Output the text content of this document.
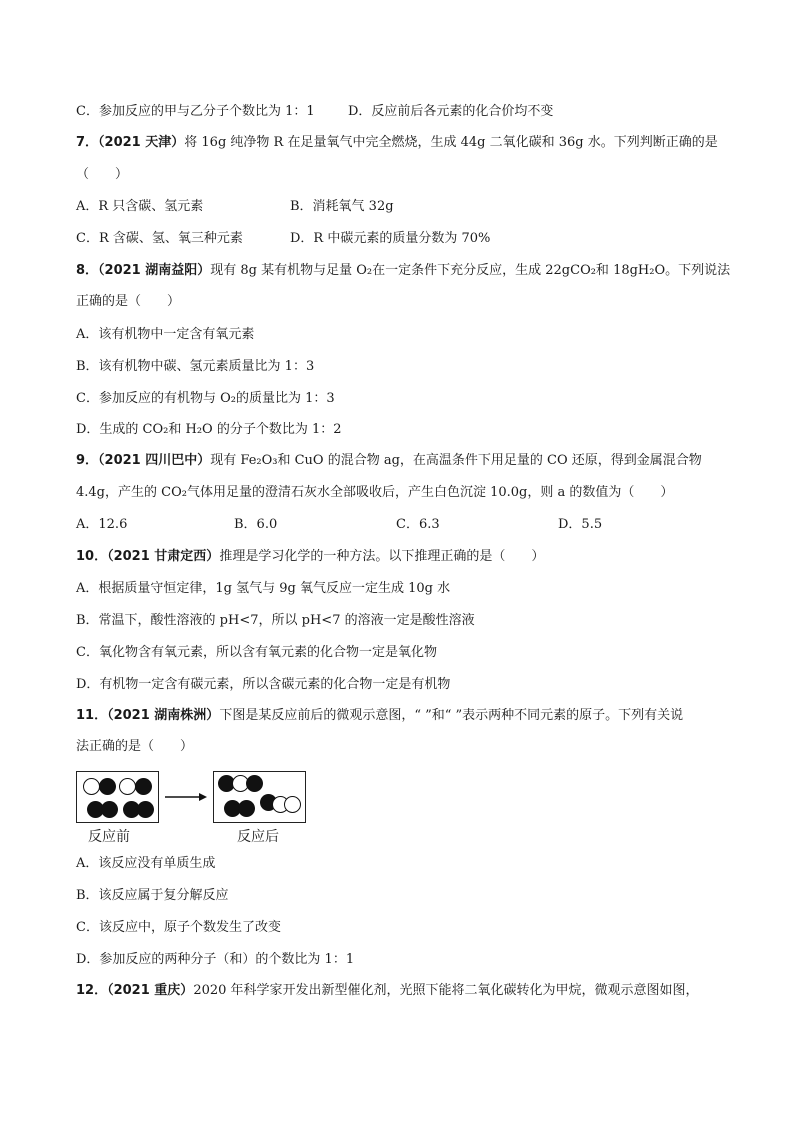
C．参加反应的甲与乙分子个数比为 1：1	D．反应前后各元素的化合价均不变
7．（2021 天津）将 16g 纯净物 R 在足量氧气中完全燃烧，生成 44g 二氧化碳和 36g 水。下列判断正确的是
（　　）
A．R 只含碳、氢元素	B．消耗氧气 32g
C．R 含碳、氢、氧三种元素	D．R 中碳元素的质量分数为 70%
8．（2021 湖南益阳）现有 8g 某有机物与足量 O₂在一定条件下充分反应，生成 22gCO₂和 18gH₂O。下列说法
正确的是（　　）
A．该有机物中一定含有氧元素
B．该有机物中碳、氢元素质量比为 1：3
C．参加反应的有机物与 O₂的质量比为 1：3
D．生成的 CO₂和 H₂O 的分子个数比为 1：2
9．（2021 四川巴中）现有 Fe₂O₃和 CuO 的混合物 ag，在高温条件下用足量的 CO 还原，得到金属混合物
4.4g，产生的 CO₂气体用足量的澄清石灰水全部吸收后，产生白色沉淀 10.0g，则 a 的数值为（　　）
A．12.6	B．6.0	C．6.3	D．5.5
10．（2021 甘肃定西）推理是学习化学的一种方法。以下推理正确的是（　　）
A．根据质量守恒定律，1g 氢气与 9g 氧气反应一定生成 10g 水
B．常温下，酸性溶液的 pH<7，所以 pH<7 的溶液一定是酸性溶液
C．氧化物含有氧元素，所以含有氧元素的化合物一定是氧化物
D．有机物一定含有碳元素，所以含碳元素的化合物一定是有机物
11．（2021 湖南株洲）下图是某反应前后的微观示意图，“ ”和“ ”表示两种不同元素的原子。下列有关说
法正确的是（　　）
反应前	反应后
A．该反应没有单质生成
B．该反应属于复分解反应
C．该反应中，原子个数发生了改变
D．参加反应的两种分子（和）的个数比为 1：1
12．（2021 重庆）2020 年科学家开发出新型催化剂，光照下能将二氧化碳转化为甲烷，微观示意图如图，
